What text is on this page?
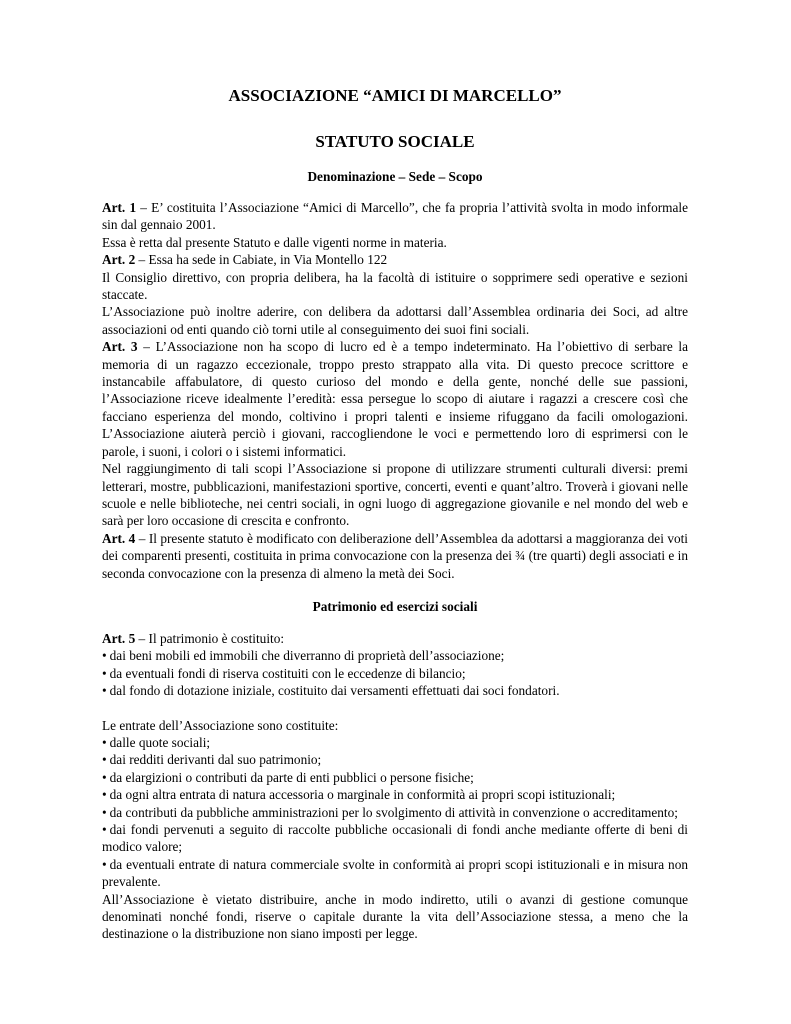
ASSOCIAZIONE “AMICI DI MARCELLO”
STATUTO SOCIALE
Denominazione – Sede – Scopo

Art. 1 – E’ costituita l’Associazione “Amici di Marcello”, che fa propria l’attività svolta in modo informale sin dal gennaio 2001.

Essa è retta dal presente Statuto e dalle vigenti norme in materia.

Art. 2 – Essa ha sede in Cabiate, in Via Montello 122

Il Consiglio direttivo, con propria delibera, ha la facoltà di istituire o sopprimere sedi operative e sezioni staccate.

L’Associazione può inoltre aderire, con delibera da adottarsi dall’Assemblea ordinaria dei Soci, ad altre associazioni od enti quando ciò torni utile al conseguimento dei suoi fini sociali.

Art. 3 – L’Associazione non ha scopo di lucro ed è a tempo indeterminato. Ha l’obiettivo di serbare la memoria di un ragazzo eccezionale, troppo presto strappato alla vita. Di questo precoce scrittore e instancabile affabulatore, di questo curioso del mondo e della gente, nonché delle sue passioni, l’Associazione riceve idealmente l’eredità: essa persegue lo scopo di aiutare i ragazzi a crescere così che facciano esperienza del mondo, coltivino i propri talenti e insieme rifuggano da facili omologazioni. L’Associazione aiuterà perciò i giovani, raccogliendone le voci e permettendo loro di esprimersi con le parole, i suoni, i colori o i sistemi informatici.

Nel raggiungimento di tali scopi l’Associazione si propone di utilizzare strumenti culturali diversi: premi letterari, mostre, pubblicazioni, manifestazioni sportive, concerti, eventi e quant’altro. Troverà i giovani nelle scuole e nelle biblioteche, nei centri sociali, in ogni luogo di aggregazione giovanile e nel mondo del web e sarà per loro occasione di crescita e confronto.

Art. 4 – Il presente statuto è modificato con deliberazione dell’Assemblea da adottarsi a maggioranza dei voti dei comparenti presenti, costituita in prima convocazione con la presenza dei ¾ (tre quarti) degli associati e in seconda convocazione con la presenza di almeno la metà dei Soci.

Patrimonio ed esercizi sociali

Art. 5 – Il patrimonio è costituito:

• dai beni mobili ed immobili che diverranno di proprietà dell’associazione;
• da eventuali fondi di riserva costituiti con le eccedenze di bilancio;
• dal fondo di dotazione iniziale, costituito dai versamenti effettuati dai soci fondatori.

Le entrate dell’Associazione sono costituite:

• dalle quote sociali;
• dai redditi derivanti dal suo patrimonio;
• da elargizioni o contributi da parte di enti pubblici o persone fisiche;
• da ogni altra entrata di natura accessoria o marginale in conformità ai propri scopi istituzionali;
• da contributi da pubbliche amministrazioni per lo svolgimento di attività in convenzione o accreditamento;
• dai fondi pervenuti a seguito di raccolte pubbliche occasionali di fondi anche mediante offerte di beni di modico valore;
• da eventuali entrate di natura commerciale svolte in conformità ai propri scopi istituzionali e in misura non prevalente.

All’Associazione è vietato distribuire, anche in modo indiretto, utili o avanzi di gestione comunque denominati nonché fondi, riserve o capitale durante la vita dell’Associazione stessa, a meno che la destinazione o la distribuzione non siano imposti per legge.
